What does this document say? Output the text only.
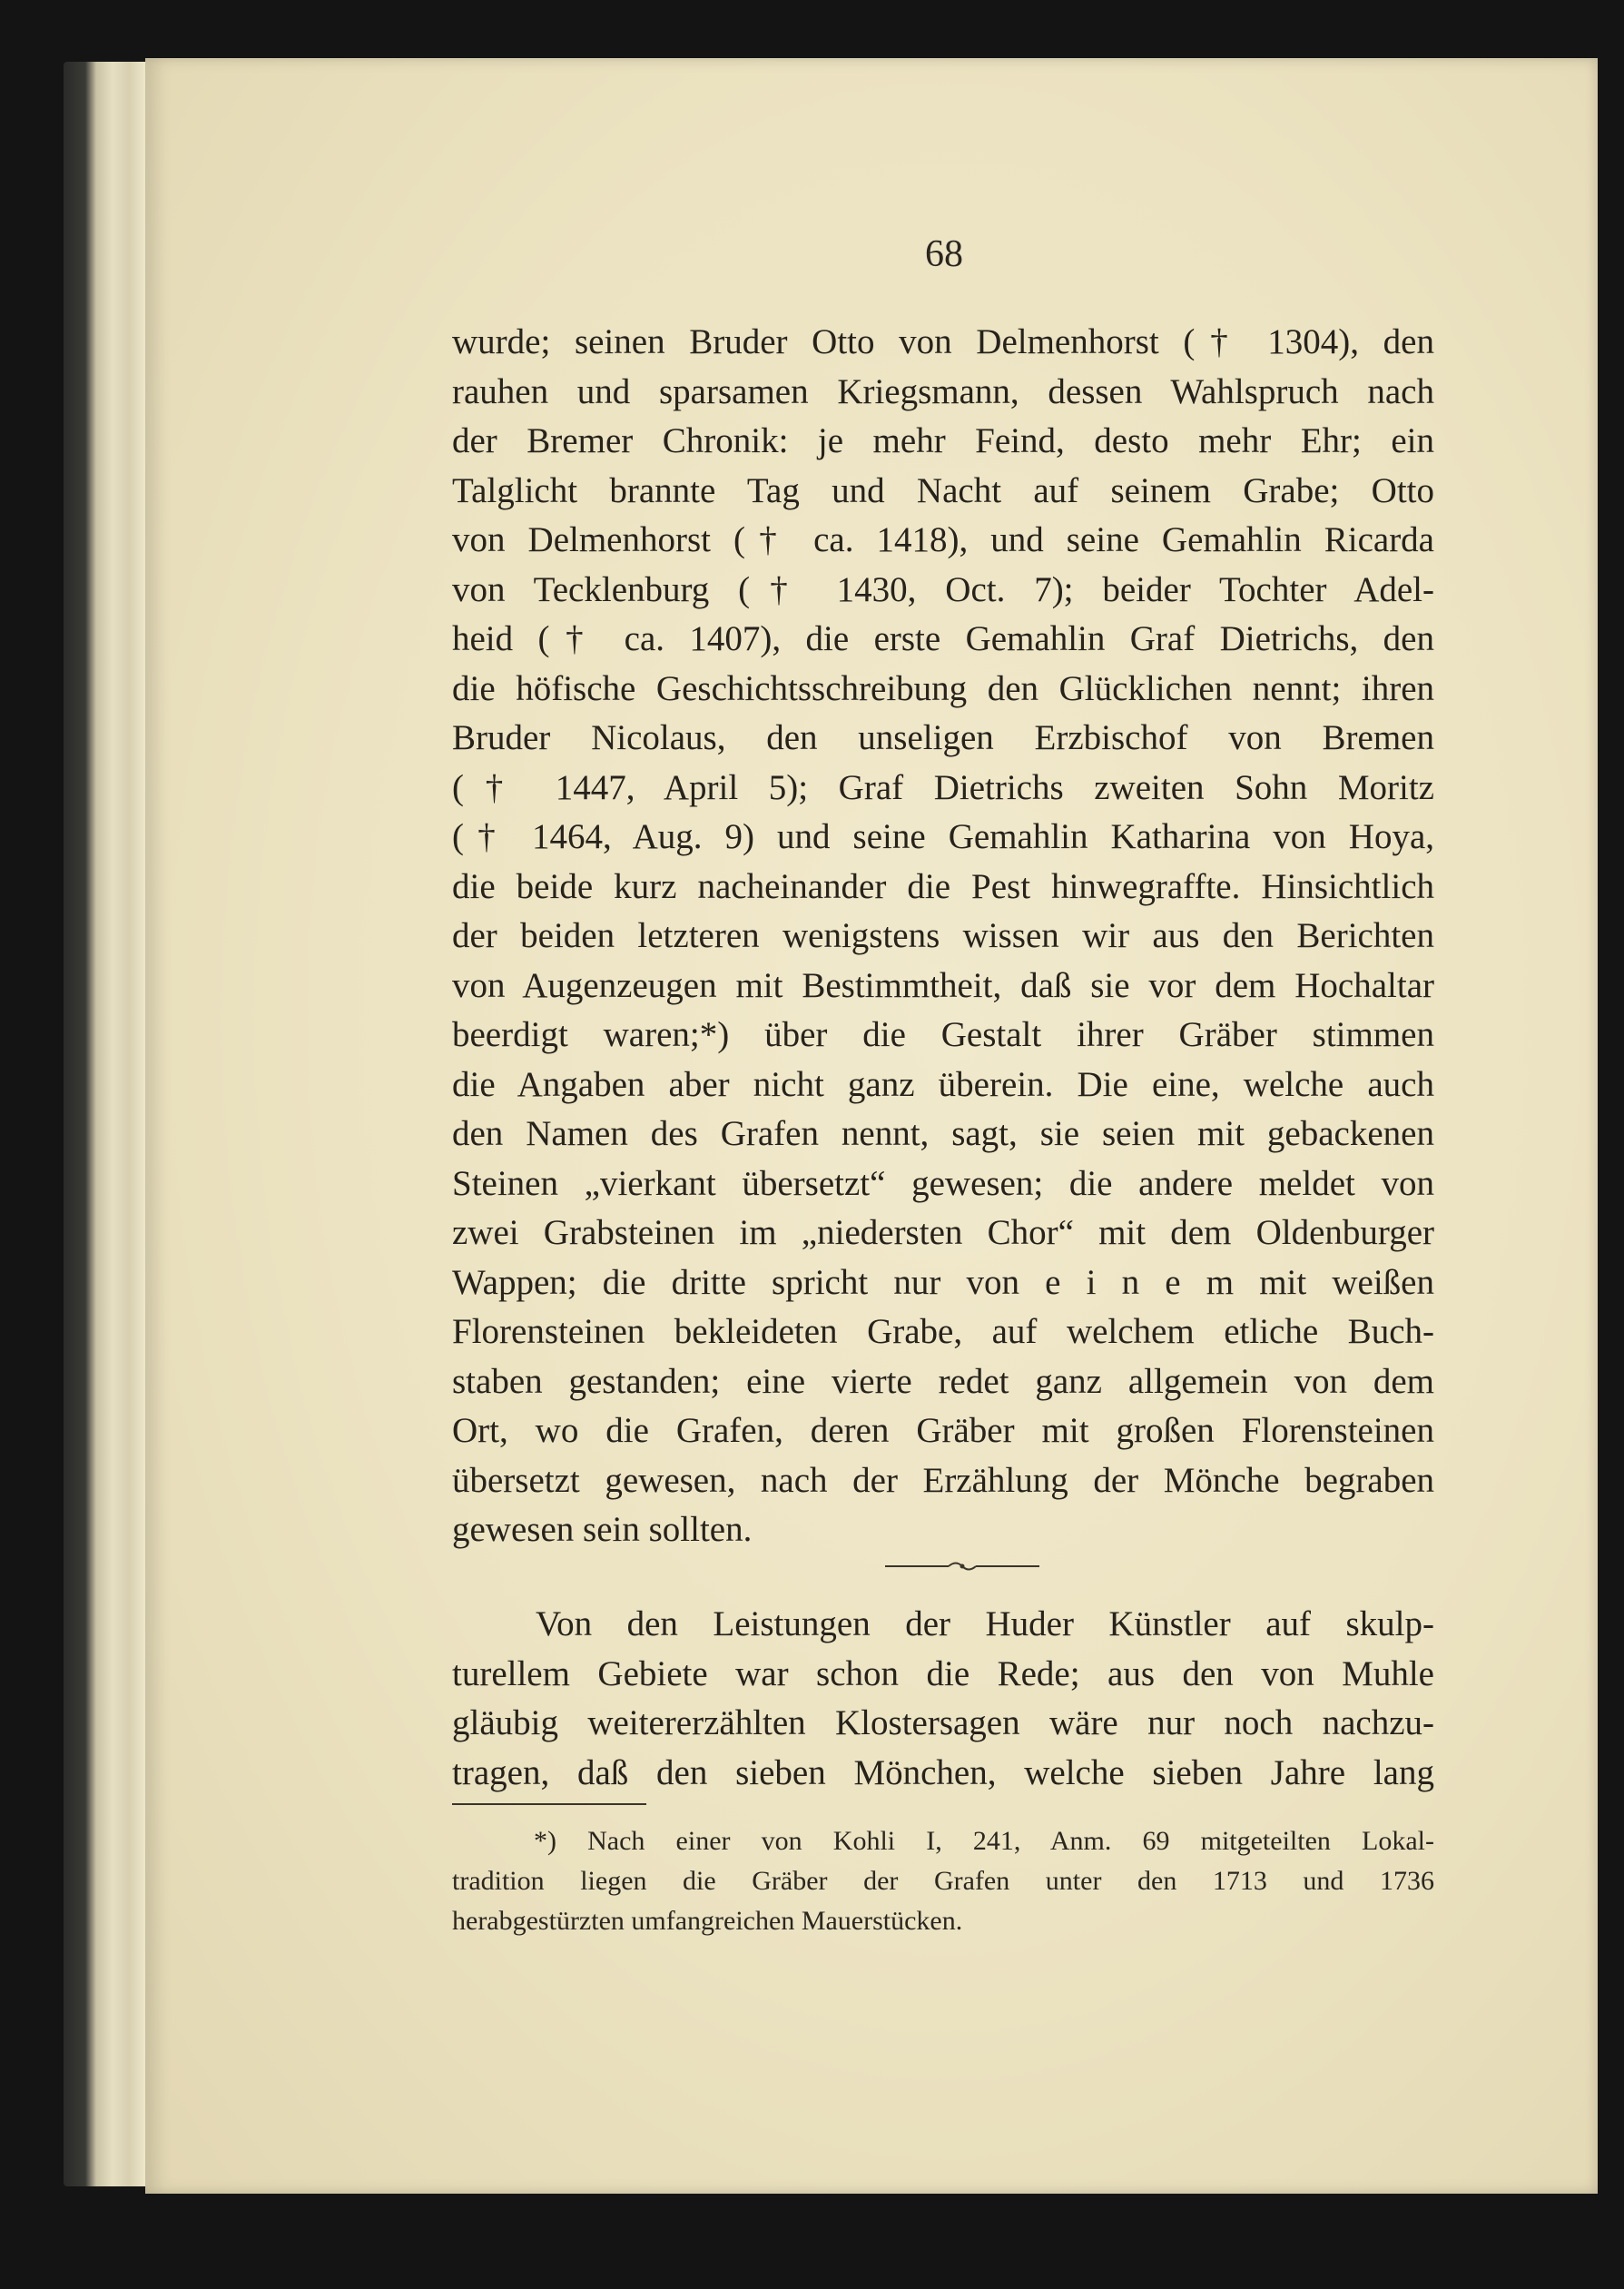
68
wurde; seinen Bruder Otto von Delmenhorst († 1304), den
rauhen und sparsamen Kriegsmann, dessen Wahlspruch nach
der Bremer Chronik: je mehr Feind, desto mehr Ehr; ein
Talglicht brannte Tag und Nacht auf seinem Grabe; Otto
von Delmenhorst († ca. 1418), und seine Gemahlin Ricarda
von Tecklenburg († 1430, Oct. 7); beider Tochter Adel-
heid († ca. 1407), die erste Gemahlin Graf Dietrichs, den
die höfische Geschichtsschreibung den Glücklichen nennt; ihren
Bruder Nicolaus, den unseligen Erzbischof von Bremen
(† 1447, April 5); Graf Dietrichs zweiten Sohn Moritz
(† 1464, Aug. 9) und seine Gemahlin Katharina von Hoya,
die beide kurz nacheinander die Pest hinwegraffte. Hinsichtlich
der beiden letzteren wenigstens wissen wir aus den Berichten
von Augenzeugen mit Bestimmtheit, daß sie vor dem Hochaltar
beerdigt waren;*) über die Gestalt ihrer Gräber stimmen
die Angaben aber nicht ganz überein. Die eine, welche auch
den Namen des Grafen nennt, sagt, sie seien mit gebackenen
Steinen „vierkant übersetzt“ gewesen; die andere meldet von
zwei Grabsteinen im „niedersten Chor“ mit dem Oldenburger
Wappen; die dritte spricht nur von e i n e m mit weißen
Florensteinen bekleideten Grabe, auf welchem etliche Buch-
staben gestanden; eine vierte redet ganz allgemein von dem
Ort, wo die Grafen, deren Gräber mit großen Florensteinen
übersetzt gewesen, nach der Erzählung der Mönche begraben
gewesen sein sollten.
Von den Leistungen der Huder Künstler auf skulp-
turellem Gebiete war schon die Rede; aus den von Muhle
gläubig weitererzählten Klostersagen wäre nur noch nachzu-
tragen, daß den sieben Mönchen, welche sieben Jahre lang
*) Nach einer von Kohli I, 241, Anm. 69 mitgeteilten Lokal-
tradition liegen die Gräber der Grafen unter den 1713 und 1736
herabgestürzten umfangreichen Mauerstücken.
